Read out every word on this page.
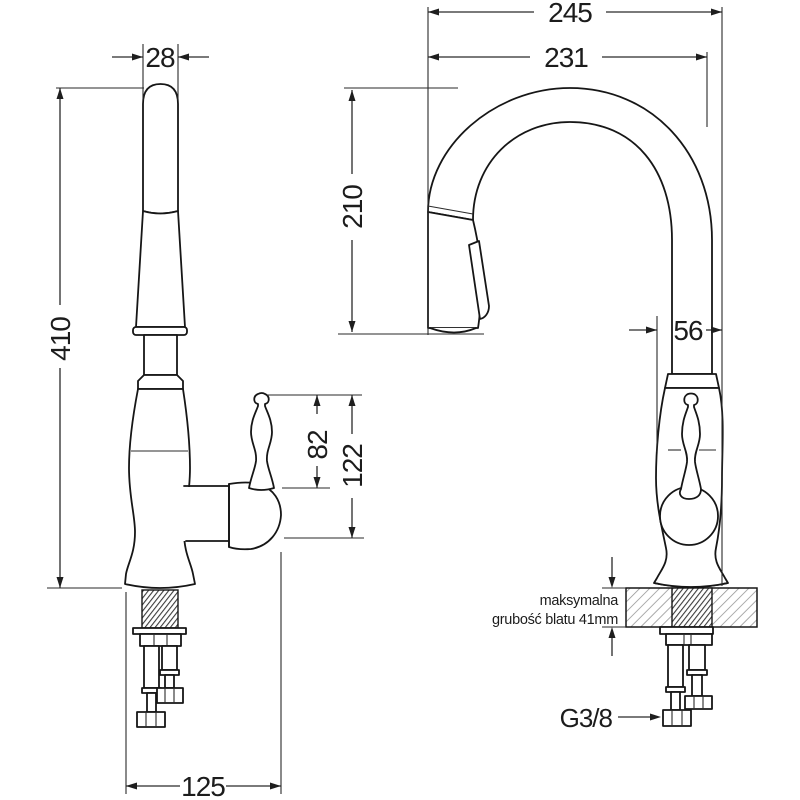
28
410
82 122
125
245
231
210
56
maksymalna
grubość blatu 41mm
G3/8
